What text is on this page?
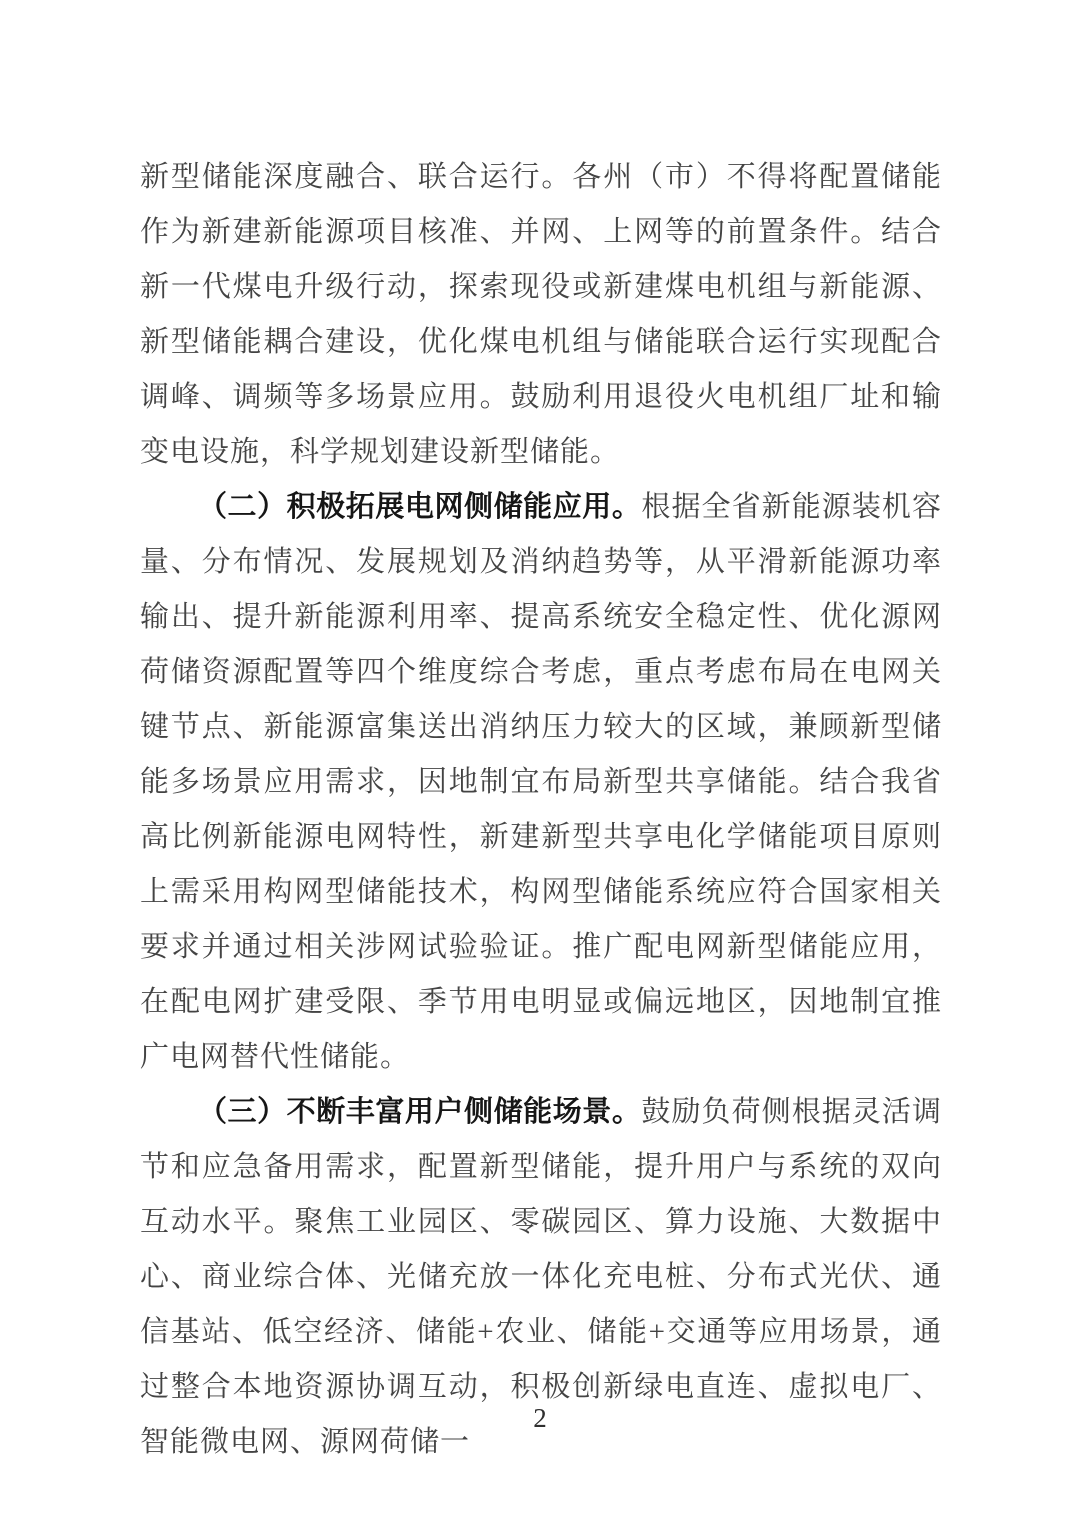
新型储能深度融合、联合运行。各州（市）不得将配置储能作为新建新能源项目核准、并网、上网等的前置条件。结合新一代煤电升级行动，探索现役或新建煤电机组与新能源、新型储能耦合建设，优化煤电机组与储能联合运行实现配合调峰、调频等多场景应用。鼓励利用退役火电机组厂址和输变电设施，科学规划建设新型储能。

（二）积极拓展电网侧储能应用。根据全省新能源装机容量、分布情况、发展规划及消纳趋势等，从平滑新能源功率输出、提升新能源利用率、提高系统安全稳定性、优化源网荷储资源配置等四个维度综合考虑，重点考虑布局在电网关键节点、新能源富集送出消纳压力较大的区域，兼顾新型储能多场景应用需求，因地制宜布局新型共享储能。结合我省高比例新能源电网特性，新建新型共享电化学储能项目原则上需采用构网型储能技术，构网型储能系统应符合国家相关要求并通过相关涉网试验验证。推广配电网新型储能应用，在配电网扩建受限、季节用电明显或偏远地区，因地制宜推广电网替代性储能。

（三）不断丰富用户侧储能场景。鼓励负荷侧根据灵活调节和应急备用需求，配置新型储能，提升用户与系统的双向互动水平。聚焦工业园区、零碳园区、算力设施、大数据中心、商业综合体、光储充放一体化充电桩、分布式光伏、通信基站、低空经济、储能+农业、储能+交通等应用场景，通过整合本地资源协调互动，积极创新绿电直连、虚拟电厂、智能微电网、源网荷储一

2
